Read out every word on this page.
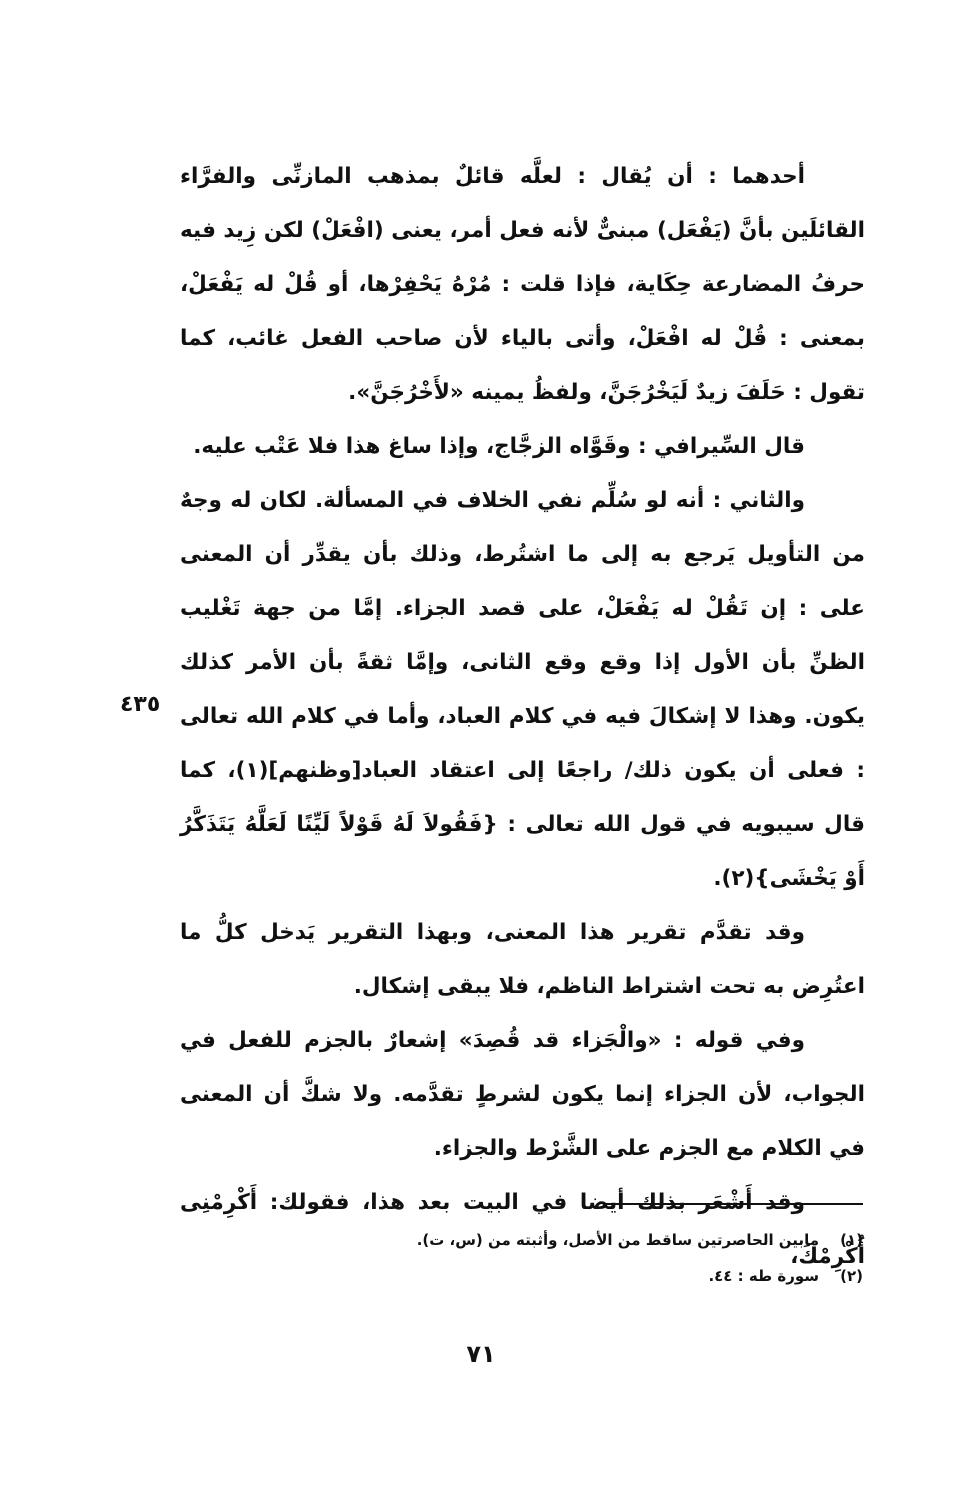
أحدهما : أن يُقال : لعلَّه قائلٌ بمذهب المازنِّى والفرَّاء القائلَين بأنَّ (يَفْعَل) مبنىٌّ لأنه فعل أمر، يعنى (افْعَلْ) لكن زِيد فيه حرفُ المضارعة حِكَاية، فإذا قلت : مُرْهُ يَحْفِرْها، أو قُلْ له يَفْعَلْ، بمعنى : قُلْ له افْعَلْ، وأتى بالياء لأن صاحب الفعل غائب، كما تقول : حَلَفَ زيدٌ لَيَخْرُجَنَّ، ولفظُ يمينه «لأَخْرُجَنَّ».

قال السِّيرافي : وقَوَّاه الزجَّاج، وإذا ساغ هذا فلا عَتْب عليه.

والثاني : أنه لو سُلِّم نفي الخلاف في المسألة. لكان له وجهٌ من التأويل يَرجع به إلى ما اشتُرط، وذلك بأن يقدِّر أن المعنى على : إن تَقُلْ له يَفْعَلْ، على قصد الجزاء. إمَّا من جهة تَغْليب الظنِّ بأن الأول إذا وقع وقع الثانى، وإمَّا ثقةً بأن الأمر كذلك يكون. وهذا لا إشكالَ فيه في كلام العباد، وأما في كلام الله تعالى : فعلى أن يكون ذلك/ راجعًا إلى اعتقاد العباد[وظنهم](١)، كما قال سيبويه في قول الله تعالى : {فَقُولاَ لَهُ قَوْلاً لَيِّنًا لَعَلَّهُ يَتَذَكَّرُ أَوْ يَخْشَى}(٢).

وقد تقدَّم تقرير هذا المعنى، وبهذا التقرير يَدخل كلُّ ما اعتُرِض به تحت اشتراط الناظم، فلا يبقى إشكال.

وفي قوله : «والْجَزاء قد قُصِدَ» إشعارٌ بالجزم للفعل في الجواب، لأن الجزاء إنما يكون لشرطٍ تقدَّمه. ولا شكَّ أن المعنى في الكلام مع الجزم على الشَّرْط والجزاء.

وقد أَشْعَر بذلك أيضا في البيت بعد هذا، فقولك: أَكْرِمْنِى أُكْرِمْكَ،

٤٣٥
(١)
مابين الحاصرتين ساقط من الأصل، وأثبته من (س، ت).
(٢)
سورة طه : ٤٤.
٧١
